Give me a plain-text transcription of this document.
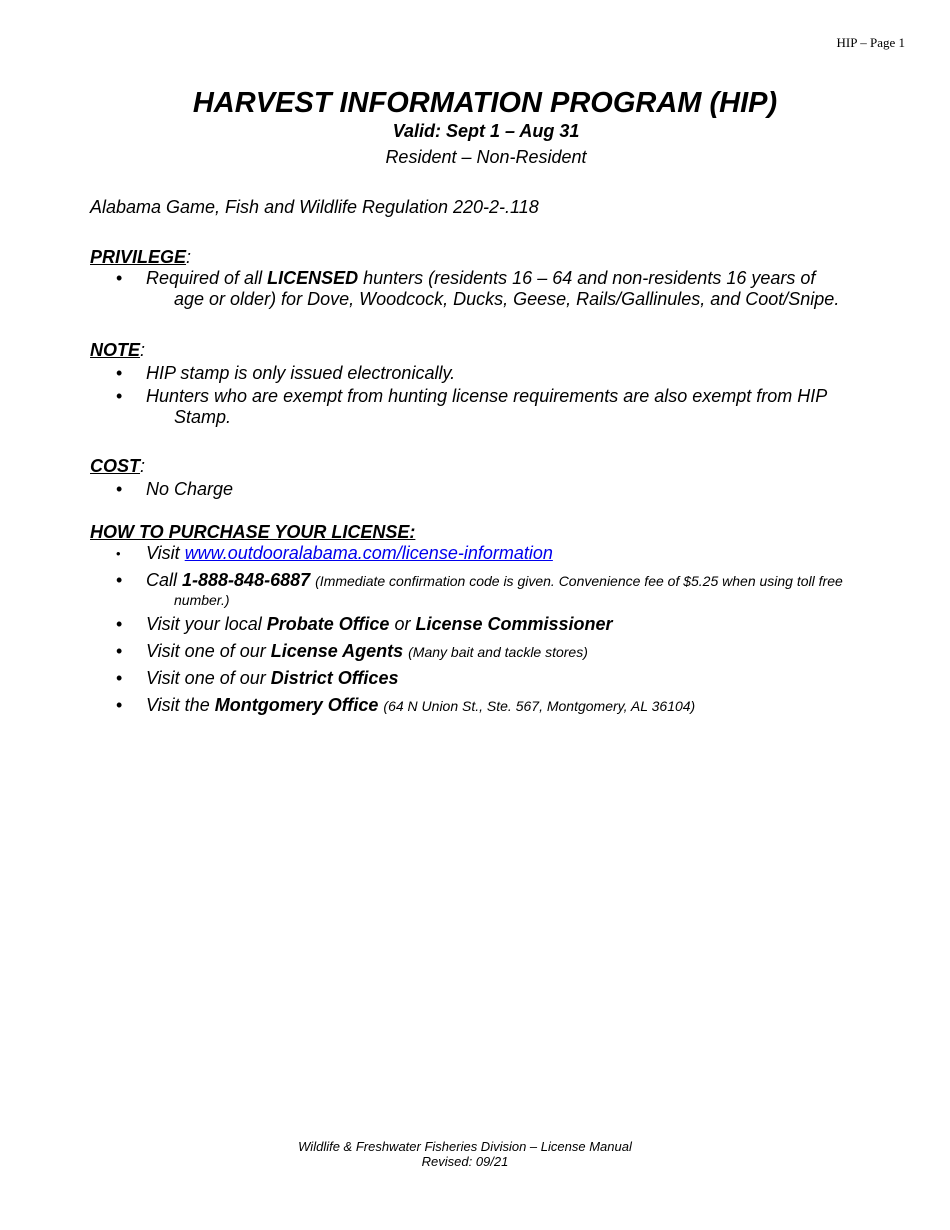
HIP – Page 1
HARVEST INFORMATION PROGRAM (HIP)
Valid: Sept 1 – Aug 31
Resident – Non-Resident
Alabama Game, Fish and Wildlife Regulation 220-2-.118
PRIVILEGE:
• Required of all LICENSED hunters (residents 16 – 64 and non-residents 16 years of
age or older) for Dove, Woodcock, Ducks, Geese, Rails/Gallinules, and Coot/Snipe.
NOTE:
• HIP stamp is only issued electronically.
• Hunters who are exempt from hunting license requirements are also exempt from HIP
Stamp.
COST:
• No Charge
HOW TO PURCHASE YOUR LICENSE:
• Visit www.outdooralabama.com/license-information
• Call 1-888-848-6887 (Immediate confirmation code is given. Convenience fee of $5.25 when using toll free
number.)
• Visit your local Probate Office or License Commissioner
• Visit one of our License Agents (Many bait and tackle stores)
• Visit one of our District Offices
• Visit the Montgomery Office (64 N Union St., Ste. 567, Montgomery, AL 36104)
Wildlife & Freshwater Fisheries Division – License Manual
Revised: 09/21
